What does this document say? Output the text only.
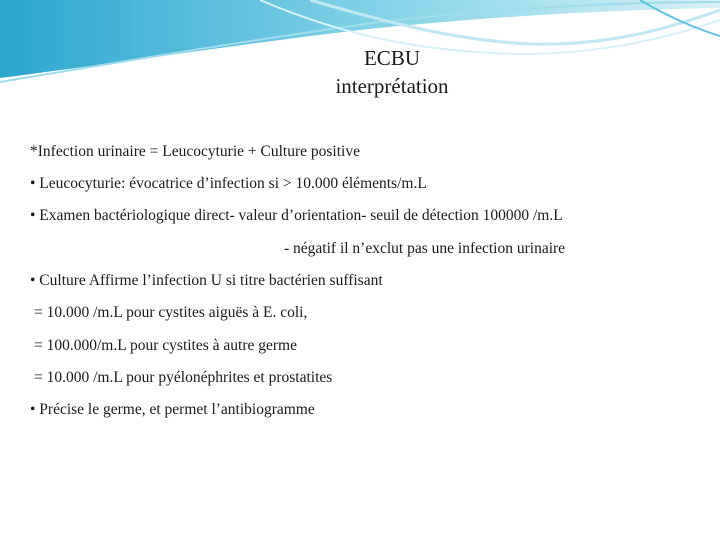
ECBU

interprétation

*Infection urinaire = Leucocyturie + Culture positive

• Leucocyturie: évocatrice d’infection si > 10.000 éléments/m.L

• Examen bactériologique direct- valeur d’orientation- seuil de détection 100000 /m.L

- négatif il n’exclut pas une infection urinaire

• Culture Affirme l’infection U si titre bactérien suffisant

= 10.000 /m.L pour cystites aiguës à E. coli,

= 100.000/m.L pour cystites à autre germe

= 10.000 /m.L pour pyélonéphrites et prostatites

• Précise le germe, et permet l’antibiogramme
